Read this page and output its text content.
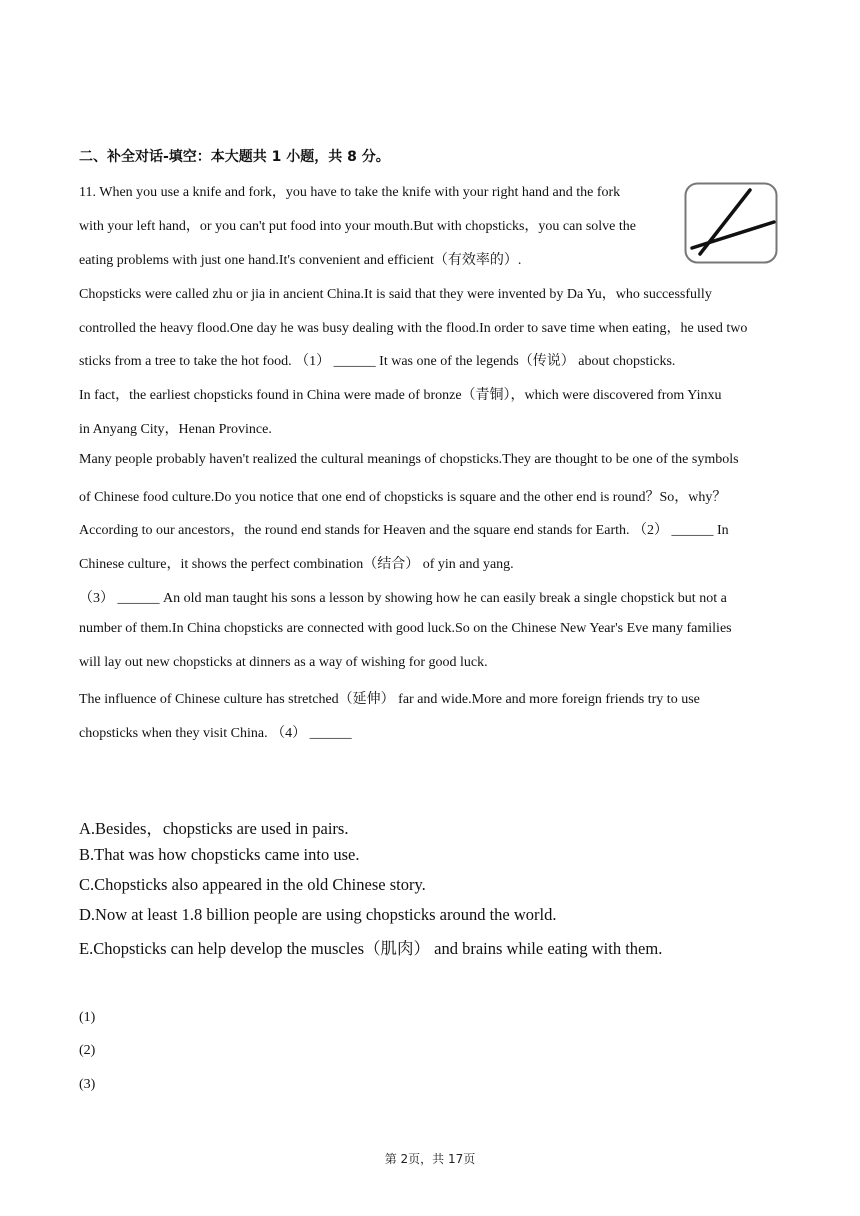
二、补全对话-填空：本大题共 1 小题，共 8 分。
11. When you use a knife and fork，you have to take the knife with your right hand and the fork
with your left hand，or you can't put food into your mouth.But with chopsticks，you can solve the
eating problems with just one hand.It's convenient and efficient（有效率的）.
Chopsticks were called zhu or jia in ancient China.It is said that they were invented by Da Yu，who successfully
controlled the heavy flood.One day he was busy dealing with the flood.In order to save time when eating，he used two
sticks from a tree to take the hot food. （1） ______ It was one of the legends（传说） about chopsticks.
In fact，the earliest chopsticks found in China were made of bronze（青铜），which were discovered from Yinxu
in Anyang City，Henan Province.
Many people probably haven't realized the cultural meanings of chopsticks.They are thought to be one of the symbols
of Chinese food culture.Do you notice that one end of chopsticks is square and the other end is round？So，why？
According to our ancestors，the round end stands for Heaven and the square end stands for Earth. （2） ______ In
Chinese culture，it shows the perfect combination（结合） of yin and yang.
（3） ______ An old man taught his sons a lesson by showing how he can easily break a single chopstick but not a
number of them.In China chopsticks are connected with good luck.So on the Chinese New Year's Eve many families
will lay out new chopsticks at dinners as a way of wishing for good luck.
The influence of Chinese culture has stretched（延伸） far and wide.More and more foreign friends try to use
chopsticks when they visit China. （4） ______
A.Besides，chopsticks are used in pairs.
B.That was how chopsticks came into use.
C.Chopsticks also appeared in the old Chinese story.
D.Now at least 1.8 billion people are using chopsticks around the world.
E.Chopsticks can help develop the muscles（肌肉） and brains while eating with them.
(1)
(2)
(3)
第 2页，共 17页
